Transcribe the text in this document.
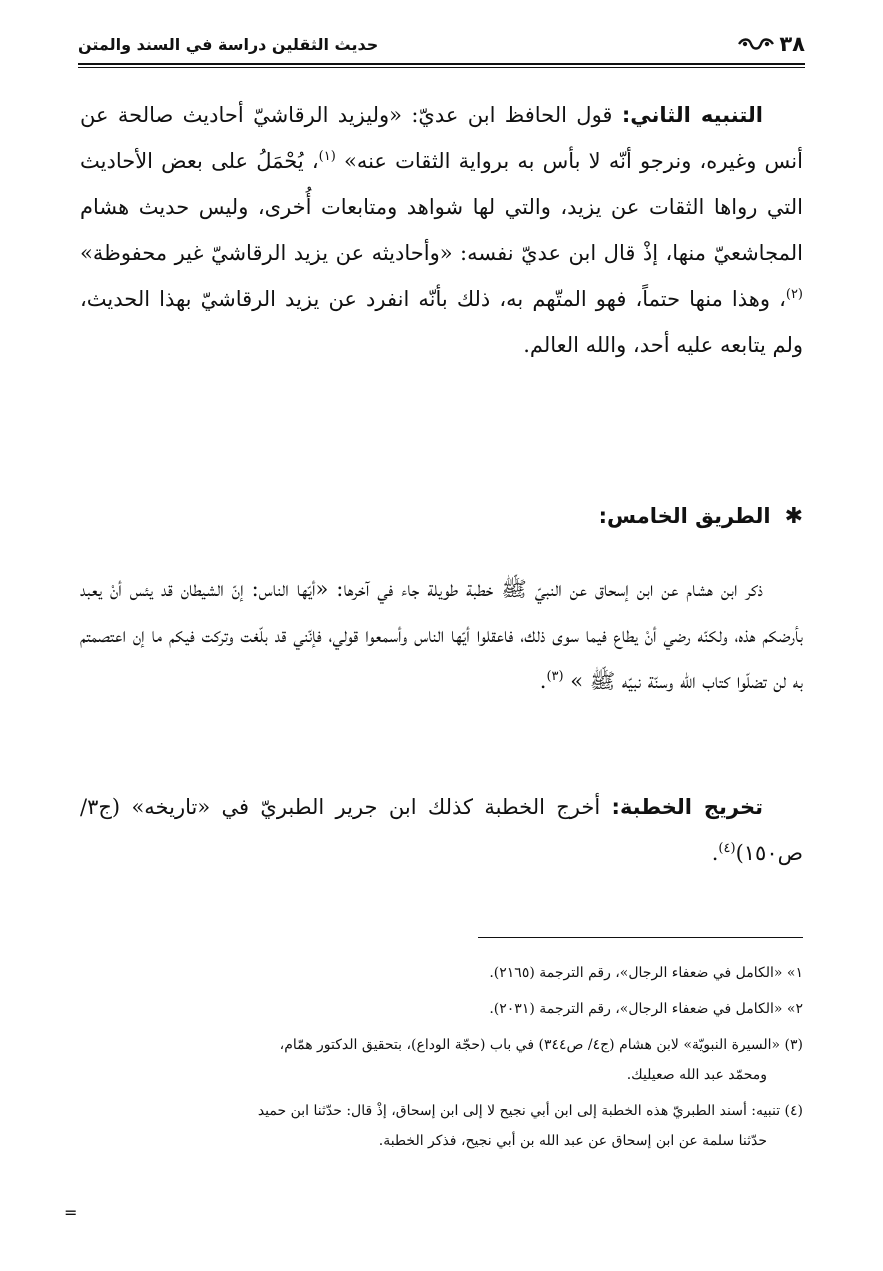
٣٨
حديث الثقلين دراسة في السند والمتن
التنبيه الثاني: قول الحافظ ابن عديّ: «وليزيد الرقاشيّ أحاديث صالحة عن أنس وغيره، ونرجو أنّه لا بأس به برواية الثقات عنه» $^{(١)}$، يُحْمَلُ على بعض الأحاديث التي رواها الثقات عن يزيد، والتي لها شواهد ومتابعات أُخرى، وليس حديث هشام المجاشعيّ منها، إذْ قال ابن عديّ نفسه: «وأحاديثه عن يزيد الرقاشيّ غير محفوظة» $^{(٢)}$، وهذا منها حتماً، فهو المتّهم به، ذلك بأنّه انفرد عن يزيد الرقاشيّ بهذا الحديث، ولم يتابعه عليه أحد، والله العالم.
✱الطريق الخامس:
ذكر ابن هشام عن ابن إسحاق عن النبيّ ﷺ خطبة طويلة جاء في آخرها: «أيّها الناس: إنّ الشيطان قد يئس أنْ يعبد بأرضكم هذه، ولكنّه رضي أنْ يطاع فيما سوى ذلك، فاعقلوا أيّها الناس وأسمعوا قولي، فإنّني قد بلّغت وتركت فيكم ما إن اعتصمتم به لن تضلّوا كتاب الله وسنّة نبيّه ﷺ » $^{(٣)}$.
تخريج الخطبة: أخرج الخطبة كذلك ابن جرير الطبريّ في «تاريخه» (ج٣/ ص١٥٠)$^{(٤)}$.
١» «الكامل في ضعفاء الرجال»، رقم الترجمة (٢١٦٥).
٢» «الكامل في ضعفاء الرجال»، رقم الترجمة (٢٠٣١).
(٣) «السيرة النبويّة» لابن هشام (ج٤/ ص٣٤٤) في باب (حجّة الوداع)، بتحقيق الدكتور همّام،
ومحمّد عبد الله صعيليك.
(٤) تنبيه: أسند الطبريّ هذه الخطبة إلى ابن أبي نجيح لا إلى ابن إسحاق، إذْ قال: حدّثنا ابن حميد
حدّثنا سلمة عن ابن إسحاق عن عبد الله بن أبي نجيح، فذكر الخطبة.
=
